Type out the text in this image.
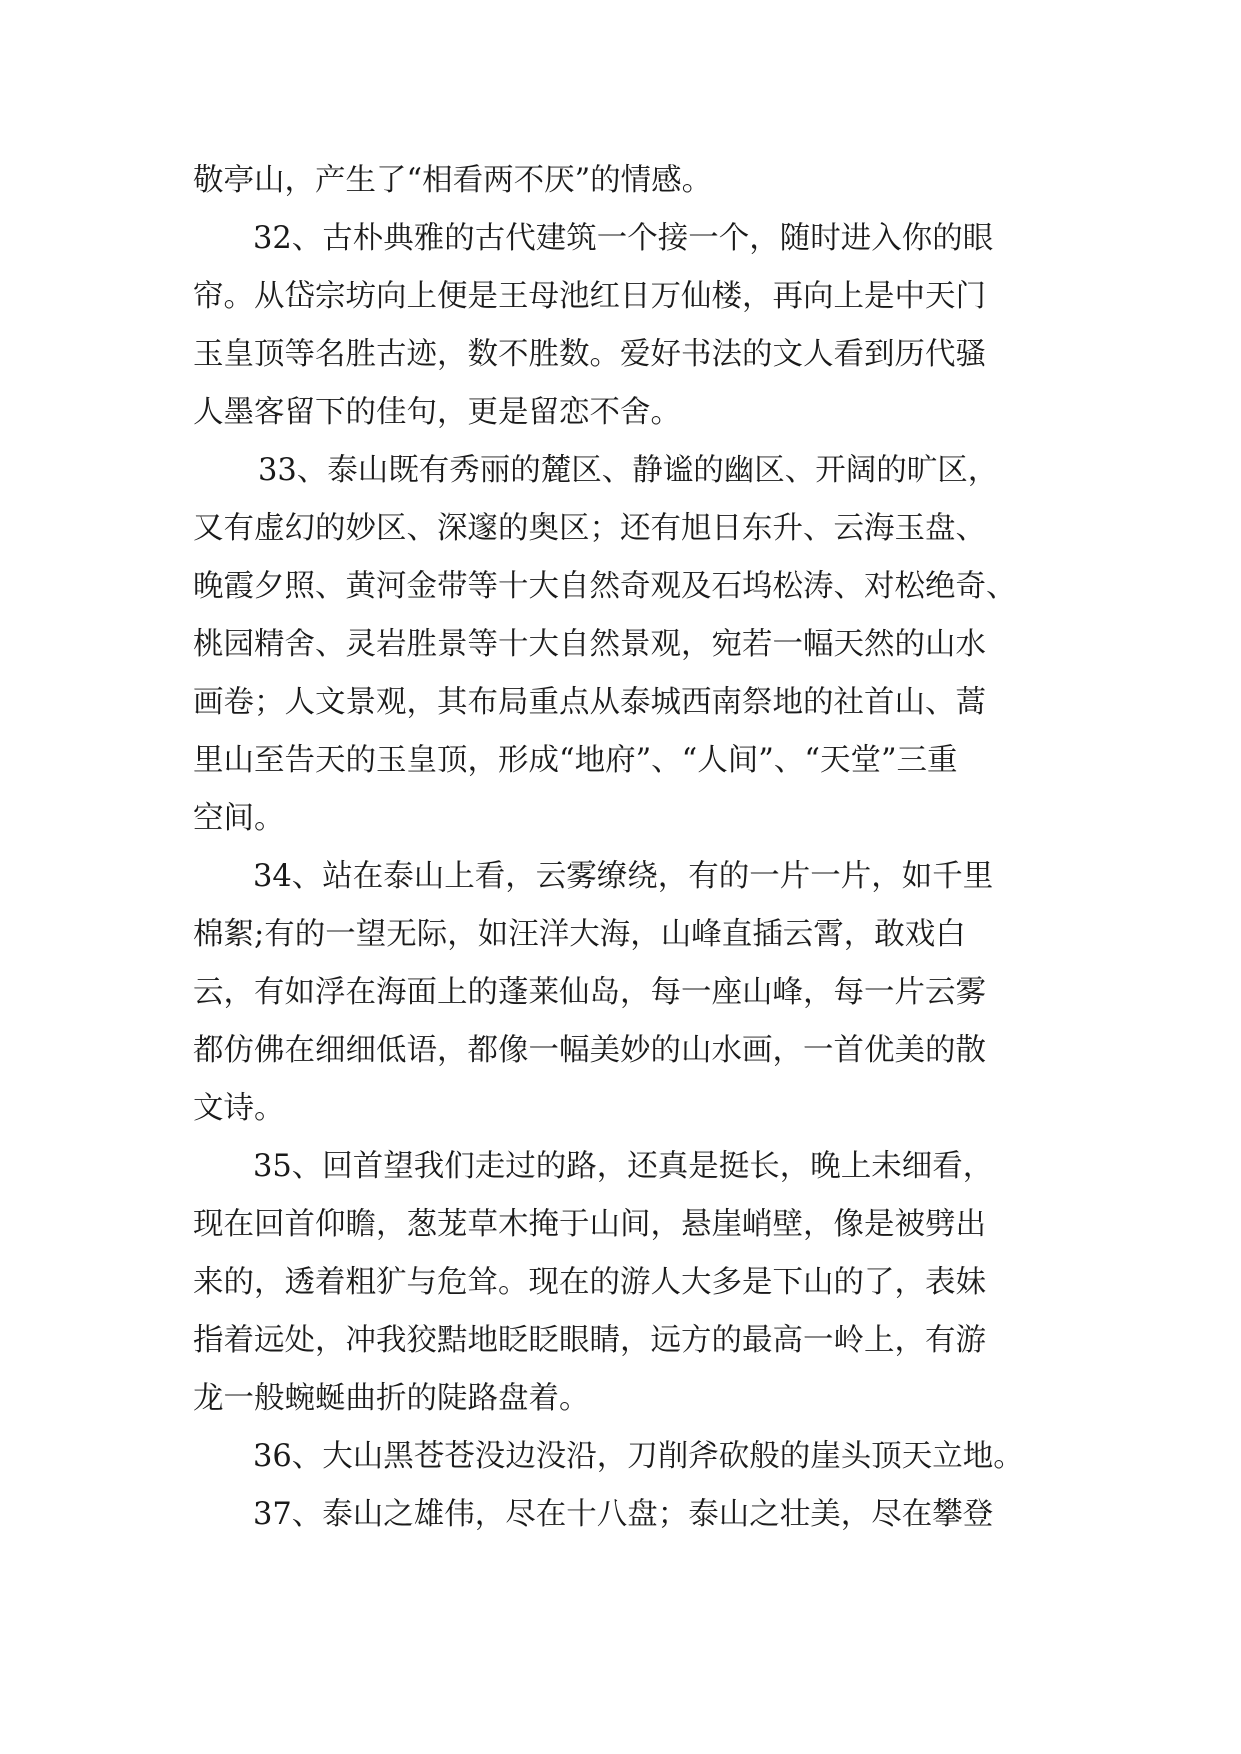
敬亭山，产生了“相看两不厌”的情感。
32、古朴典雅的古代建筑一个接一个，随时进入你的眼
帘。从岱宗坊向上便是王母池红日万仙楼，再向上是中天门
玉皇顶等名胜古迹，数不胜数。爱好书法的文人看到历代骚
人墨客留下的佳句，更是留恋不舍。
33、泰山既有秀丽的麓区、静谧的幽区、开阔的旷区，
又有虚幻的妙区、深邃的奥区；还有旭日东升、云海玉盘、
晚霞夕照、黄河金带等十大自然奇观及石坞松涛、对松绝奇、
桃园精舍、灵岩胜景等十大自然景观，宛若一幅天然的山水
画卷；人文景观，其布局重点从泰城西南祭地的社首山、蒿
里山至告天的玉皇顶，形成“地府”、“人间”、“天堂”三重
空间。
34、站在泰山上看，云雾缭绕，有的一片一片，如千里
棉絮;有的一望无际，如汪洋大海，山峰直插云霄，敢戏白
云，有如浮在海面上的蓬莱仙岛，每一座山峰，每一片云雾
都仿佛在细细低语，都像一幅美妙的山水画，一首优美的散
文诗。
35、回首望我们走过的路，还真是挺长，晚上未细看，
现在回首仰瞻，葱茏草木掩于山间，悬崖峭壁，像是被劈出
来的，透着粗犷与危耸。现在的游人大多是下山的了，表妹
指着远处，冲我狡黠地眨眨眼睛，远方的最高一岭上，有游
龙一般蜿蜒曲折的陡路盘着。
36、大山黑苍苍没边没沿，刀削斧砍般的崖头顶天立地。
37、泰山之雄伟，尽在十八盘；泰山之壮美，尽在攀登
